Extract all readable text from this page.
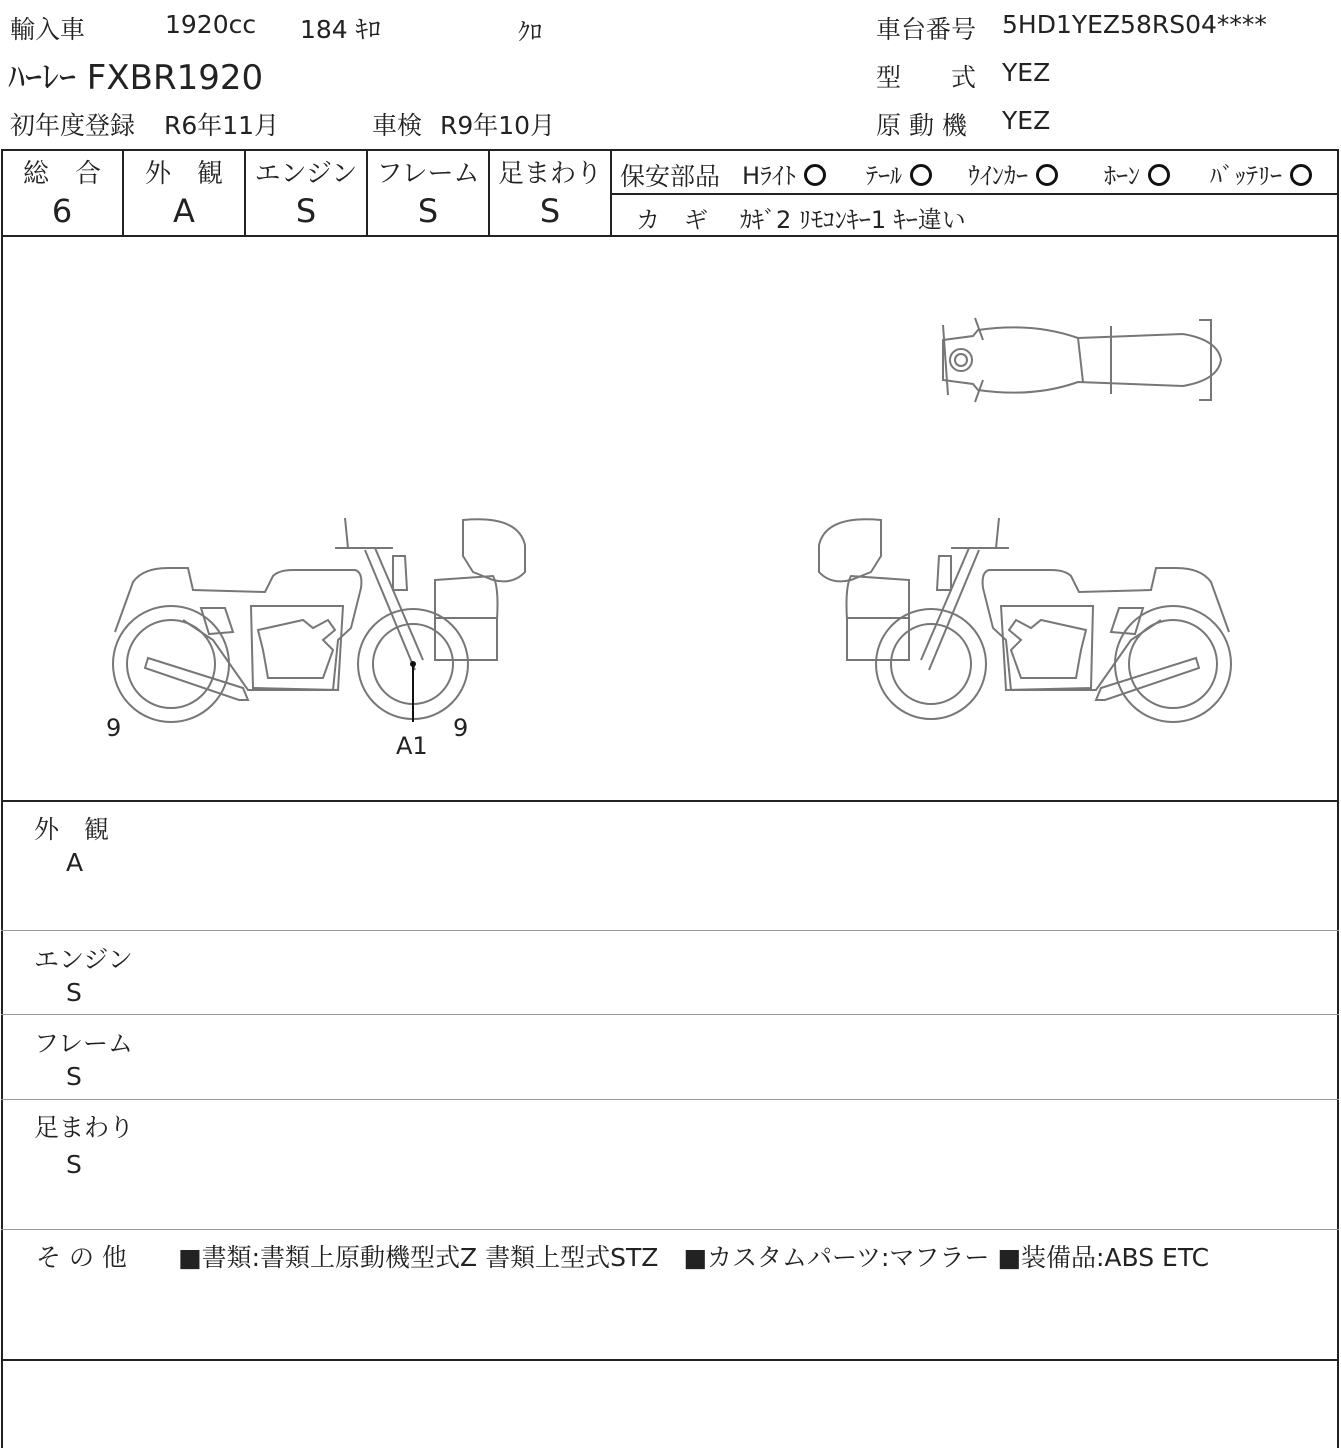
輸入車	1920cc 184 ｷﾛ	ｸﾛ	車台番号 5HD1YEZ58RS04****
ﾊｰﾚｰ FXBR1920	型　　式 YEZ
初年度登録 R6年11月	車検 R9年10月	原 動 機 YEZ
総　合
6
外　観
A
エンジン
S
フレーム
S
足まわり
S
保安部品 Hﾗｲﾄ	ﾃｰﾙ	ｳｲﾝｶｰ	ﾎｰﾝ	ﾊﾞｯﾃﾘｰ
カ　ギ ｶｷﾞ2 ﾘﾓｺﾝｷｰ1 ｷｰ違い
9	9
A1
外　観
A
エンジン
S
フレーム
S
足まわり
S
そ の 他 ■書類:書類上原動機型式Z 書類上型式STZ　■カスタムパーツ:マフラー ■装備品:ABS ETC
